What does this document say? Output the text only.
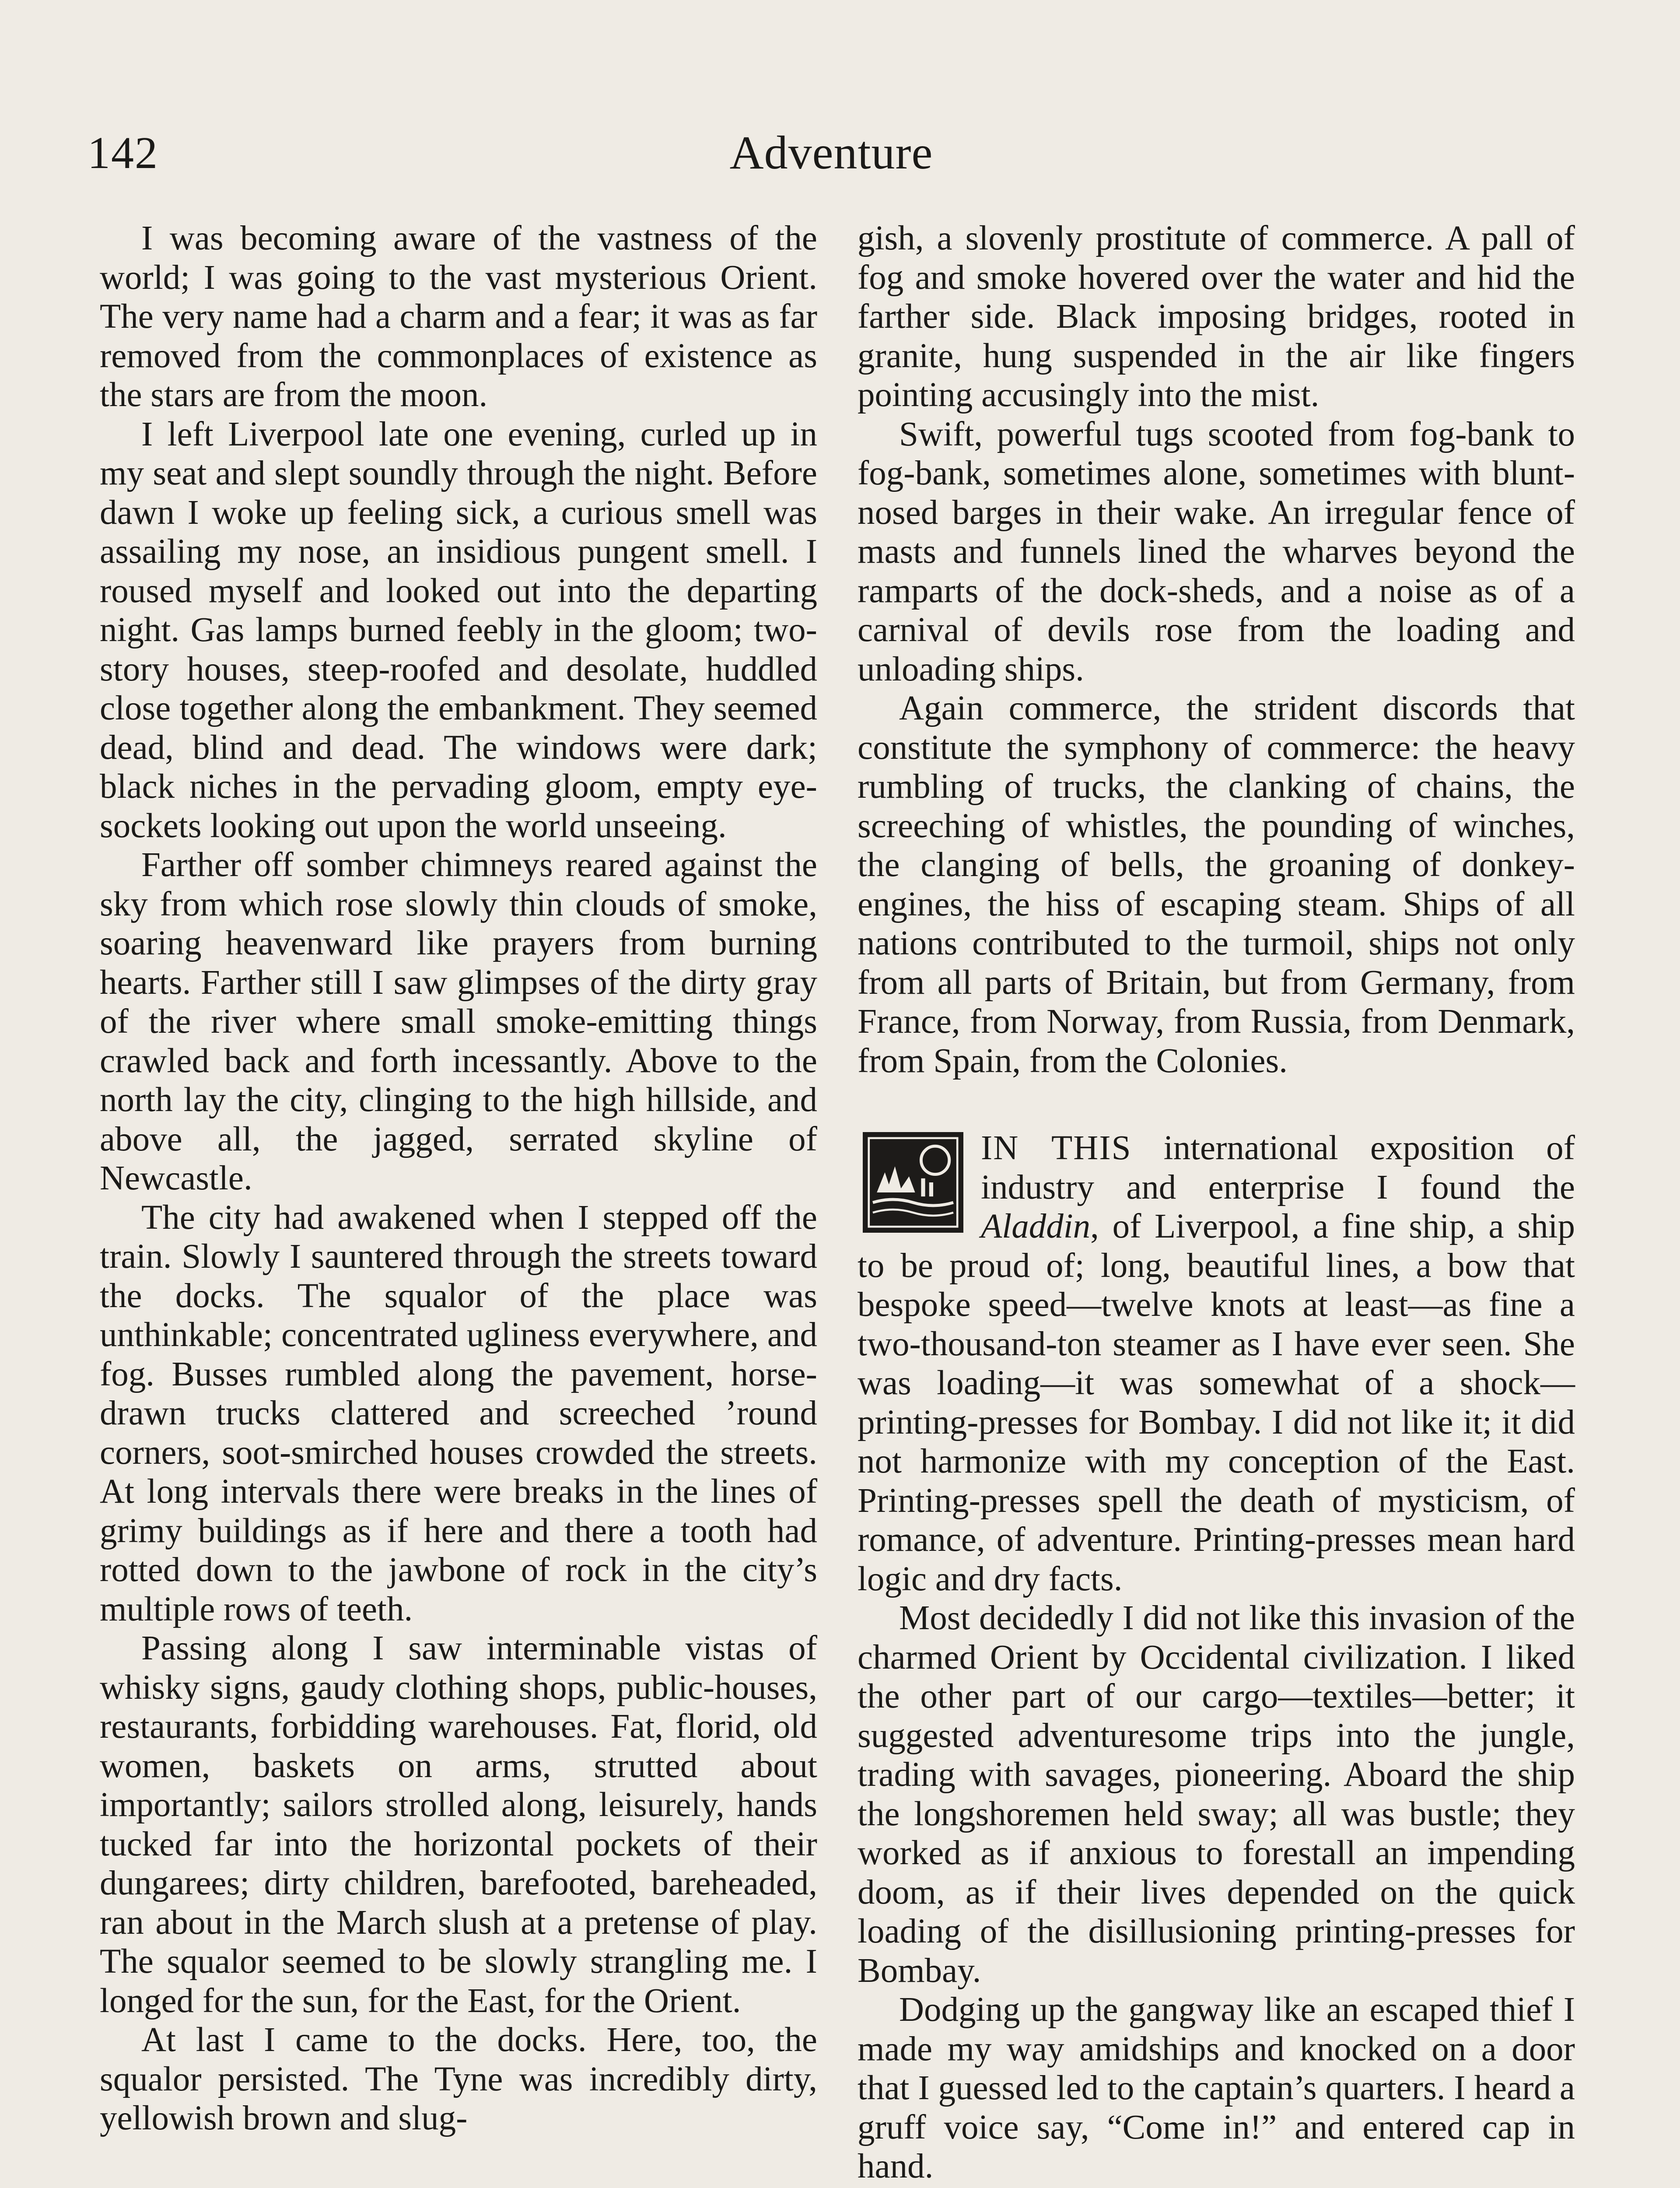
142	Adventure

I was becoming aware of the vastness of the world; I was going to the vast mysterious Orient. The very name had a charm and a fear; it was as far removed from the commonplaces of existence as the stars are from the moon.

I left Liverpool late one evening, curled up in my seat and slept soundly through the night. Before dawn I woke up feeling sick, a curious smell was assailing my nose, an insidious pungent smell. I roused myself and looked out into the departing night. Gas lamps burned feebly in the gloom; two-story houses, steep-roofed and desolate, huddled close together along the embankment. They seemed dead, blind and dead. The windows were dark; black niches in the pervading gloom, empty eye-sockets looking out upon the world unseeing.

Farther off somber chimneys reared against the sky from which rose slowly thin clouds of smoke, soaring heavenward like prayers from burning hearts. Farther still I saw glimpses of the dirty gray of the river where small smoke-emitting things crawled back and forth incessantly. Above to the north lay the city, clinging to the high hillside, and above all, the jagged, serrated skyline of Newcastle.

The city had awakened when I stepped off the train. Slowly I sauntered through the streets toward the docks. The squalor of the place was unthinkable; concentrated ugliness everywhere, and fog. Busses rumbled along the pavement, horse-drawn trucks clattered and screeched ’round corners, soot-smirched houses crowded the streets. At long intervals there were breaks in the lines of grimy buildings as if here and there a tooth had rotted down to the jawbone of rock in the city’s multiple rows of teeth.

Passing along I saw interminable vistas of whisky signs, gaudy clothing shops, public-houses, restaurants, forbidding warehouses. Fat, florid, old women, baskets on arms, strutted about importantly; sailors strolled along, leisurely, hands tucked far into the horizontal pockets of their dungarees; dirty children, barefooted, bareheaded, ran about in the March slush at a pretense of play. The squalor seemed to be slowly strangling me. I longed for the sun, for the East, for the Orient.

At last I came to the docks. Here, too, the squalor persisted. The Tyne was incredibly dirty, yellowish brown and slug-

gish, a slovenly prostitute of commerce. A pall of fog and smoke hovered over the water and hid the farther side. Black imposing bridges, rooted in granite, hung suspended in the air like fingers pointing accusingly into the mist.

Swift, powerful tugs scooted from fog-bank to fog-bank, sometimes alone, sometimes with blunt-nosed barges in their wake. An irregular fence of masts and funnels lined the wharves beyond the ramparts of the dock-sheds, and a noise as of a carnival of devils rose from the loading and unloading ships.

Again commerce, the strident discords that constitute the symphony of commerce: the heavy rumbling of trucks, the clanking of chains, the screeching of whistles, the pounding of winches, the clanging of bells, the groaning of donkey-engines, the hiss of escaping steam. Ships of all nations contributed to the turmoil, ships not only from all parts of Britain, but from Germany, from France, from Norway, from Russia, from Denmark, from Spain, from the Colonies.

IN THIS international exposition of industry and enterprise I found the Aladdin, of Liverpool, a fine ship, a ship to be proud of; long, beautiful lines, a bow that bespoke speed—twelve knots at least—as fine a two-thousand-ton steamer as I have ever seen. She was loading—it was somewhat of a shock—printing-presses for Bombay. I did not like it; it did not harmonize with my conception of the East. Printing-presses spell the death of mysticism, of romance, of adventure. Printing-presses mean hard logic and dry facts.

Most decidedly I did not like this invasion of the charmed Orient by Occidental civilization. I liked the other part of our cargo—textiles—better; it suggested adventuresome trips into the jungle, trading with savages, pioneering. Aboard the ship the longshoremen held sway; all was bustle; they worked as if anxious to forestall an impending doom, as if their lives depended on the quick loading of the disillusioning printing-presses for Bombay.

Dodging up the gangway like an escaped thief I made my way amidships and knocked on a door that I guessed led to the captain’s quarters. I heard a gruff voice say, “Come in!” and entered cap in hand.
